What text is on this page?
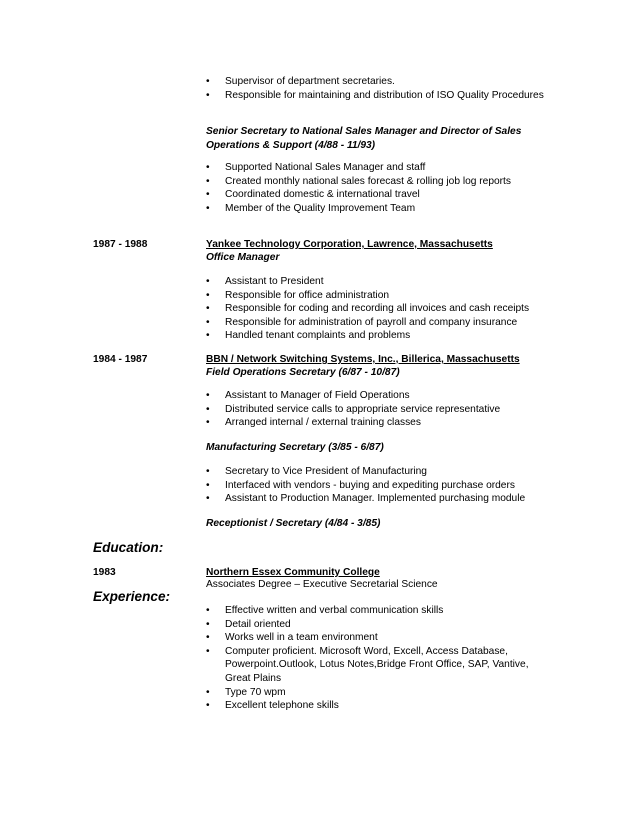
•	Supervisor of department secretaries.
•	Responsible for maintaining and distribution of ISO Quality Procedures
Senior Secretary to National Sales Manager and Director of Sales Operations & Support (4/88 - 11/93)
•	Supported National Sales Manager and staff
•	Created monthly national sales forecast & rolling job log reports
•	Coordinated domestic & international travel
•	Member of the Quality Improvement Team
1987 - 1988	Yankee Technology Corporation, Lawrence, Massachusetts
Office Manager
•	Assistant to President
•	Responsible for office administration
•	Responsible for coding and recording all invoices and cash receipts
•	Responsible for administration of payroll and company insurance
•	Handled tenant complaints and problems
1984 - 1987	BBN / Network Switching Systems, Inc., Billerica, Massachusetts
Field Operations Secretary (6/87 - 10/87)
•	Assistant to Manager of Field Operations
•	Distributed service calls to appropriate service representative
•	Arranged internal / external training classes
Manufacturing Secretary (3/85 - 6/87)
•	Secretary to Vice President of Manufacturing
•	Interfaced with vendors - buying and expediting purchase orders
•	Assistant to Production Manager. Implemented purchasing module
Receptionist / Secretary (4/84 - 3/85)
Education:
1983	Northern Essex Community College
Associates Degree – Executive Secretarial Science
Experience:
•	Effective written and verbal communication skills
•	Detail oriented
•	Works well in a team environment
•	Computer proficient. Microsoft Word, Excell, Access Database, Powerpoint.Outlook, Lotus Notes,Bridge Front Office, SAP, Vantive, Great Plains
•	Type 70 wpm
•	Excellent telephone skills
